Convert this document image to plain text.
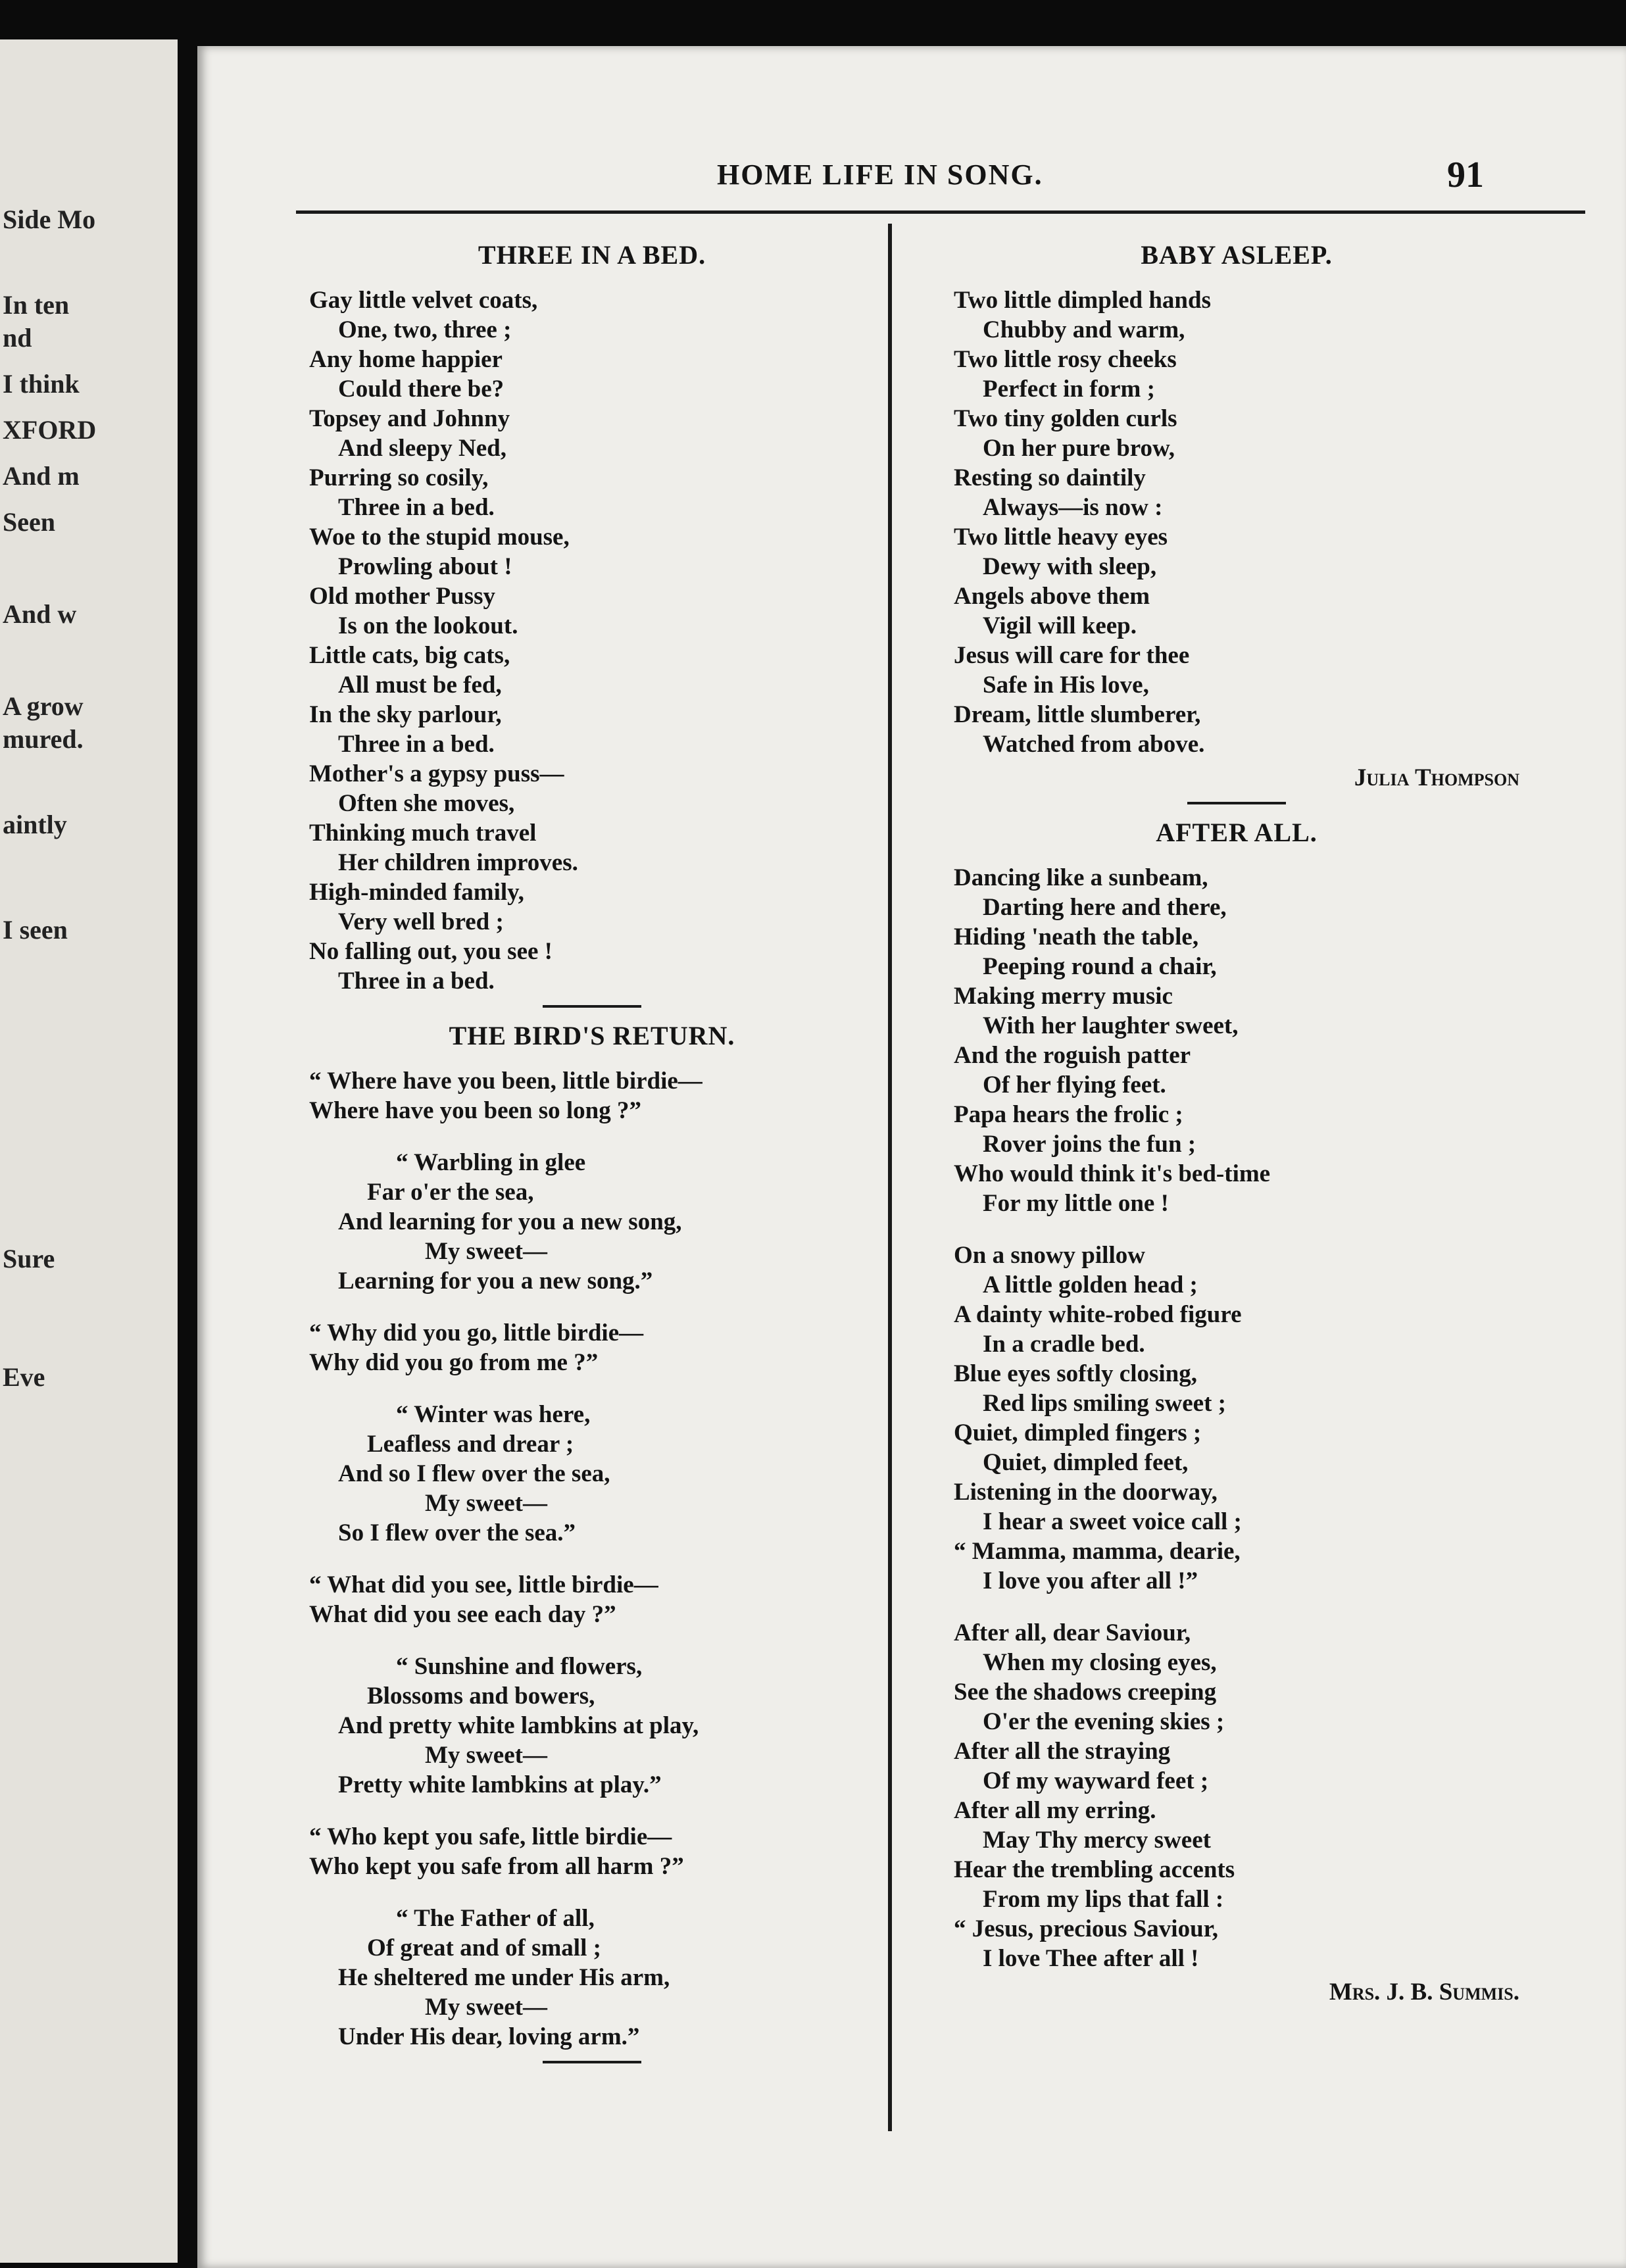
Side Mo
In ten
nd
I think
XFORD
And m
Seen
And w
A grow
mured.
aintly
I seen
Sure
Eve
HOME LIFE IN SONG.	91
THREE IN A BED.
Gay little velvet coats,
One, two, three ;
Any home happier
Could there be?
Topsey and Johnny
And sleepy Ned,
Purring so cosily,
Three in a bed.
Woe to the stupid mouse,
Prowling about !
Old mother Pussy
Is on the lookout.
Little cats, big cats,
All must be fed,
In the sky parlour,
Three in a bed.
Mother's a gypsy puss—
Often she moves,
Thinking much travel
Her children improves.
High-minded family,
Very well bred ;
No falling out, you see !
Three in a bed.
THE BIRD'S RETURN.
“ Where have you been, little birdie—
Where have you been so long ?”
“ Warbling in glee
Far o'er the sea,
And learning for you a new song,
My sweet—
Learning for you a new song.”
“ Why did you go, little birdie—
Why did you go from me ?”
“ Winter was here,
Leafless and drear ;
And so I flew over the sea,
My sweet—
So I flew over the sea.”
“ What did you see, little birdie—
What did you see each day ?”
“ Sunshine and flowers,
Blossoms and bowers,
And pretty white lambkins at play,
My sweet—
Pretty white lambkins at play.”
“ Who kept you safe, little birdie—
Who kept you safe from all harm ?”
“ The Father of all,
Of great and of small ;
He sheltered me under His arm,
My sweet—
Under His dear, loving arm.”
BABY ASLEEP.
Two little dimpled hands
Chubby and warm,
Two little rosy cheeks
Perfect in form ;
Two tiny golden curls
On her pure brow,
Resting so daintily
Always—is now :
Two little heavy eyes
Dewy with sleep,
Angels above them
Vigil will keep.
Jesus will care for thee
Safe in His love,
Dream, little slumberer,
Watched from above.
Julia Thompson
AFTER ALL.
Dancing like a sunbeam,
Darting here and there,
Hiding 'neath the table,
Peeping round a chair,
Making merry music
With her laughter sweet,
And the roguish patter
Of her flying feet.
Papa hears the frolic ;
Rover joins the fun ;
Who would think it's bed-time
For my little one !
On a snowy pillow
A little golden head ;
A dainty white-robed figure
In a cradle bed.
Blue eyes softly closing,
Red lips smiling sweet ;
Quiet, dimpled fingers ;
Quiet, dimpled feet,
Listening in the doorway,
I hear a sweet voice call ;
“ Mamma, mamma, dearie,
I love you after all !”
After all, dear Saviour,
When my closing eyes,
See the shadows creeping
O'er the evening skies ;
After all the straying
Of my wayward feet ;
After all my erring.
May Thy mercy sweet
Hear the trembling accents
From my lips that fall :
“ Jesus, precious Saviour,
I love Thee after all !
Mrs. J. B. Summis.
